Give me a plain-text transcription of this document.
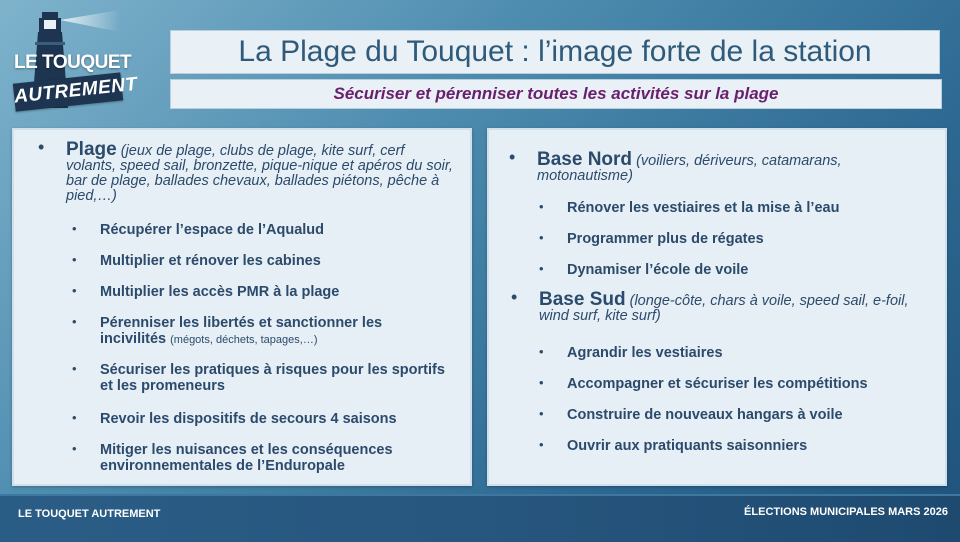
LE TOUQUET
AUTREMENT
La Plage du Touquet : l’image forte de la station
Sécuriser et pérenniser toutes les activités sur la plage
• Plage (jeux de plage, clubs de plage, kite surf, cerf volants, speed sail, bronzette, pique-nique et apéros du soir, bar de plage, ballades chevaux, ballades piétons, pêche à pied,…)
• Récupérer l’espace de l’Aqualud
• Multiplier et rénover les cabines
• Multiplier les accès PMR à la plage
• Pérenniser les libertés et sanctionner les incivilités (mégots, déchets, tapages,…)
• Sécuriser les pratiques à risques pour les sportifs et les promeneurs
• Revoir les dispositifs de secours 4 saisons
• Mitiger les nuisances et les conséquences environnementales de l’Enduropale
• Base Nord (voiliers, dériveurs, catamarans, motonautisme)
• Rénover les vestiaires et la mise à l’eau
• Programmer plus de régates
• Dynamiser l’école de voile
• Base Sud (longe-côte, chars à voile, speed sail, e-foil, wind surf, kite surf)
• Agrandir les vestiaires
• Accompagner et sécuriser les compétitions
• Construire de nouveaux hangars à voile
• Ouvrir aux pratiquants saisonniers
LE TOUQUET AUTREMENT	ÉLECTIONS MUNICIPALES MARS 2026
